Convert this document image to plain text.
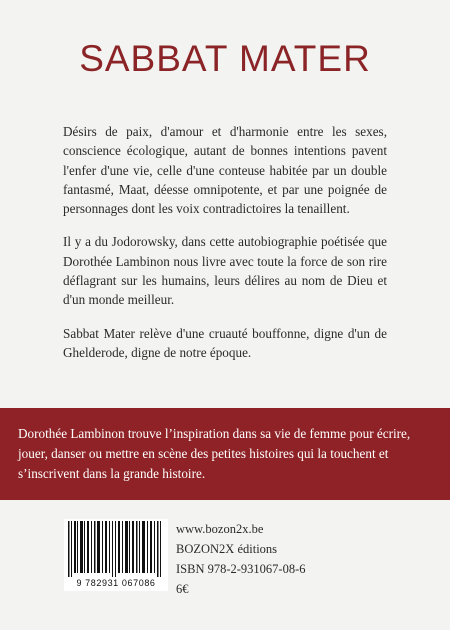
SABBAT MATER

Désirs de paix, d'amour et d'harmonie entre les sexes, conscience écologique, autant de bonnes intentions pavent l'enfer d'une vie, celle d'une conteuse habitée par un double fantasmé, Maat, déesse omnipotente, et par une poignée de personnages dont les voix contradictoires la tenaillent.

Il y a du Jodorowsky, dans cette autobiographie poétisée que Dorothée Lambinon nous livre avec toute la force de son rire déflagrant sur les humains, leurs délires au nom de Dieu et d'un monde meilleur.

Sabbat Mater relève d'une cruauté bouffonne, digne d'un de Ghelderode, digne de notre époque.

Dorothée Lambinon trouve l’inspiration dans sa vie de femme pour écrire, jouer, danser ou mettre en scène des petites histoires qui la touchent et s’inscrivent dans la grande histoire.
9 782931 067086
www.bozon2x.be
BOZON2X éditions
ISBN 978-2-931067-08-6
6€
